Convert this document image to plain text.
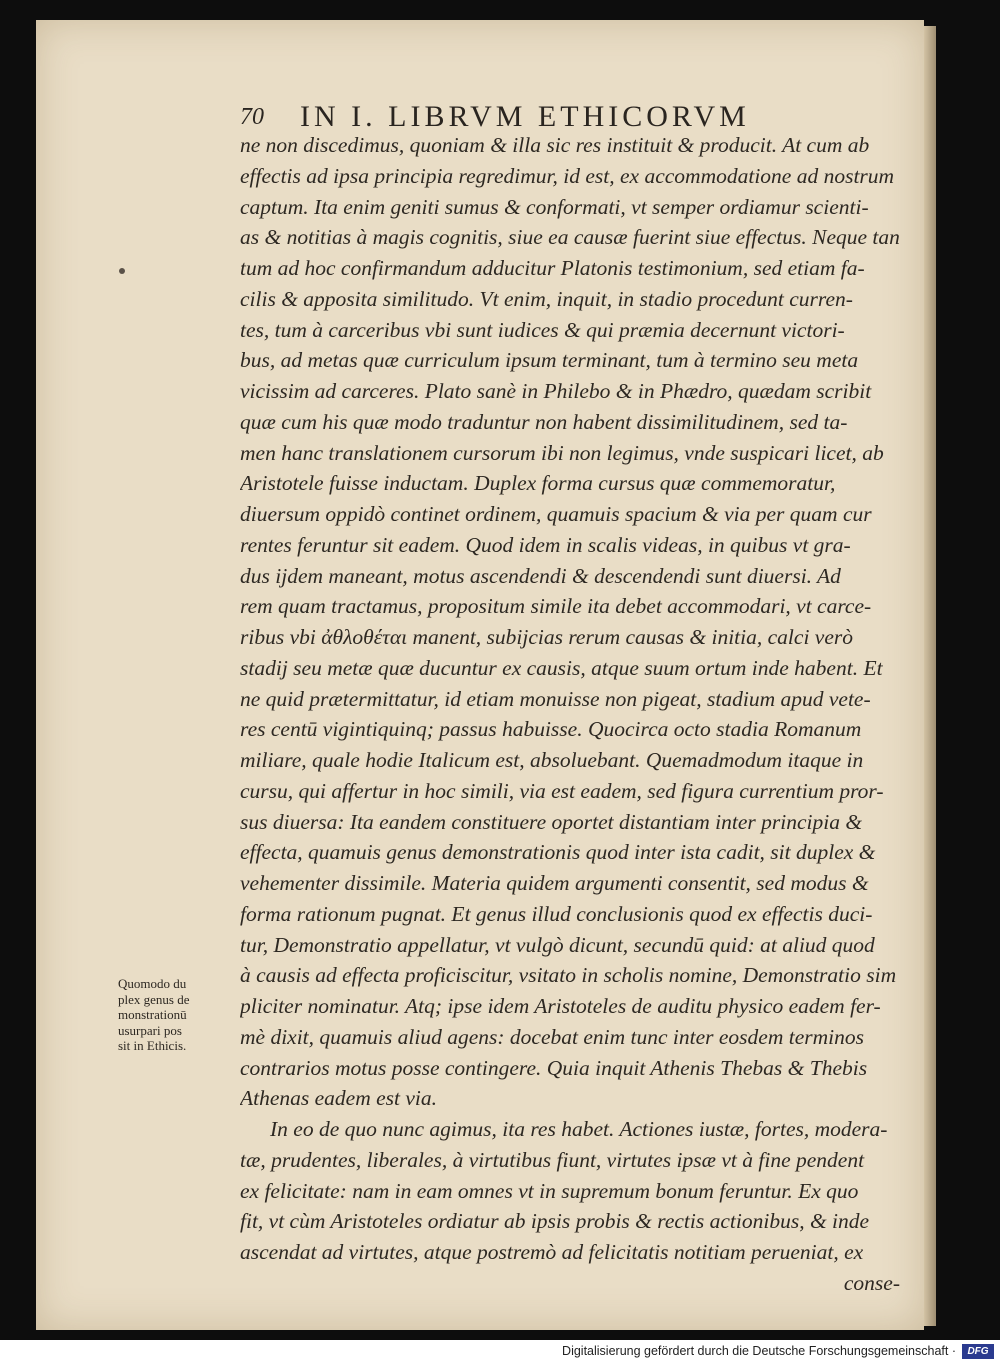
70 IN I. LIBRVM ETHICORVM
ne non discedimus, quoniam & illa sic res instituit & producit. At cum ab
effectis ad ipsa principia regredimur, id est, ex accommodatione ad nostrum
captum. Ita enim geniti sumus & conformati, vt semper ordiamur scienti-
as & notitias à magis cognitis, siue ea causæ fuerint siue effectus. Neque tan
tum ad hoc confirmandum adducitur Platonis testimonium, sed etiam fa-
cilis & apposita similitudo. Vt enim, inquit, in stadio procedunt curren-
tes, tum à carceribus vbi sunt iudices & qui præmia decernunt victori-
bus, ad metas quæ curriculum ipsum terminant, tum à termino seu meta
vicissim ad carceres. Plato sanè in Philebo & in Phædro, quædam scribit
quæ cum his quæ modo traduntur non habent dissimilitudinem, sed ta-
men hanc translationem cursorum ibi non legimus, vnde suspicari licet, ab
Aristotele fuisse inductam. Duplex forma cursus quæ commemoratur,
diuersum oppidò continet ordinem, quamuis spacium & via per quam cur
rentes feruntur sit eadem. Quod idem in scalis videas, in quibus vt gra-
dus ijdem maneant, motus ascendendi & descendendi sunt diuersi. Ad
rem quam tractamus, propositum simile ita debet accommodari, vt carce-
ribus vbi ἀθλοθέται manent, subijcias rerum causas & initia, calci verò
stadij seu metæ quæ ducuntur ex causis, atque suum ortum inde habent. Et
ne quid prætermittatur, id etiam monuisse non pigeat, stadium apud vete-
res centū vigintiquinq; passus habuisse. Quocirca octo stadia Romanum
miliare, quale hodie Italicum est, absoluebant. Quemadmodum itaque in
cursu, qui affertur in hoc simili, via est eadem, sed figura currentium pror-
sus diuersa: Ita eandem constituere oportet distantiam inter principia &
effecta, quamuis genus demonstrationis quod inter ista cadit, sit duplex &
vehementer dissimile. Materia quidem argumenti consentit, sed modus &
forma rationum pugnat. Et genus illud conclusionis quod ex effectis duci-
tur, Demonstratio appellatur, vt vulgò dicunt, secundū quid: at aliud quod
à causis ad effecta proficiscitur, vsitato in scholis nomine, Demonstratio sim
pliciter nominatur. Atq; ipse idem Aristoteles de auditu physico eadem fer-
mè dixit, quamuis aliud agens: docebat enim tunc inter eosdem terminos
contrarios motus posse contingere. Quia inquit Athenis Thebas & Thebis
Athenas eadem est via.
In eo de quo nunc agimus, ita res habet. Actiones iustæ, fortes, modera-
tæ, prudentes, liberales, à virtutibus fiunt, virtutes ipsæ vt à fine pendent
ex felicitate: nam in eam omnes vt in supremum bonum feruntur. Ex quo
fit, vt cùm Aristoteles ordiatur ab ipsis probis & rectis actionibus, & inde
ascendat ad virtutes, atque postremò ad felicitatis notitiam perueniat, ex
conse-
Quomodo du
plex genus de
monstrationū
usurpari pos
sit in Ethicis.
Digitalisierung gefördert durch die Deutsche Forschungsgemeinschaft ·	DFG
